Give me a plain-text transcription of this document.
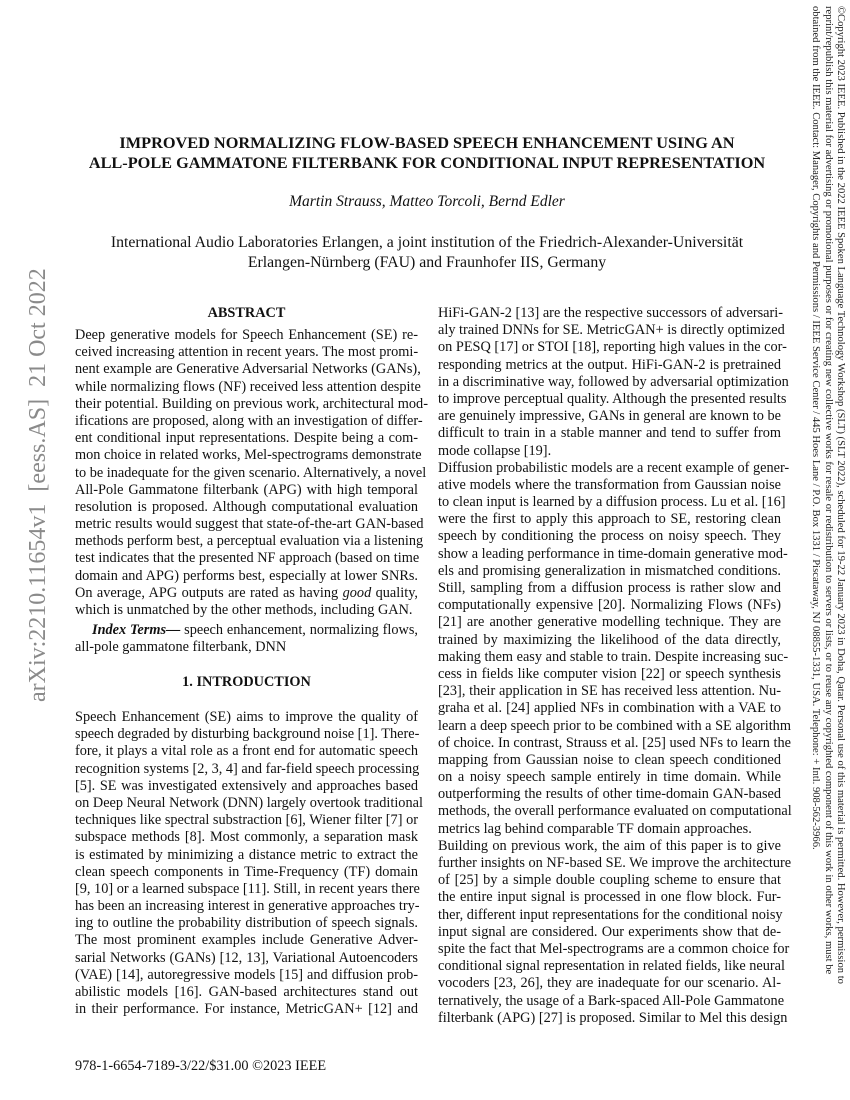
arXiv:2210.11654v1  [eess.AS]  21 Oct 2022	©Copyright 2023 IEEE. Published in the 2022 IEEE Spoken Language Technology Workshop (SLT) (SLT 2022), scheduled for 19-22 January 2023 in Doha, Qatar. Personal use of this material is permitted. However, permission to
reprint/republish this material for advertising or promotional purposes or for creating new collective works for resale or redistribution to servers or lists, or to reuse any copyrighted component of this work in other works, must be
obtained from the IEEE. Contact: Manager, Copyrights and Permissions / IEEE Service Center / 445 Hoes Lane / P.O. Box 1331 / Piscataway, NJ 08855-1331, USA. Telephone: + Intl. 908-562-3966.
IMPROVED NORMALIZING FLOW-BASED SPEECH ENHANCEMENT USING AN
ALL-POLE GAMMATONE FILTERBANK FOR CONDITIONAL INPUT REPRESENTATION
Martin Strauss, Matteo Torcoli, Bernd Edler
International Audio Laboratories Erlangen, a joint institution of the Friedrich-Alexander-Universität
Erlangen-Nürnberg (FAU) and Fraunhofer IIS, Germany
ABSTRACT
Deep generative models for Speech Enhancement (SE) re-
ceived increasing attention in recent years. The most promi-
nent example are Generative Adversarial Networks (GANs),
while normalizing flows (NF) received less attention despite
their potential. Building on previous work, architectural mod-
ifications are proposed, along with an investigation of differ-
ent conditional input representations. Despite being a com-
mon choice in related works, Mel-spectrograms demonstrate
to be inadequate for the given scenario. Alternatively, a novel
All-Pole Gammatone filterbank (APG) with high temporal
resolution is proposed. Although computational evaluation
metric results would suggest that state-of-the-art GAN-based
methods perform best, a perceptual evaluation via a listening
test indicates that the presented NF approach (based on time
domain and APG) performs best, especially at lower SNRs.
On average, APG outputs are rated as having good quality,
which is unmatched by the other methods, including GAN.
Index Terms— speech enhancement, normalizing flows,
all-pole gammatone filterbank, DNN
1. INTRODUCTION
Speech Enhancement (SE) aims to improve the quality of
speech degraded by disturbing background noise [1]. There-
fore, it plays a vital role as a front end for automatic speech
recognition systems [2, 3, 4] and far-field speech processing
[5]. SE was investigated extensively and approaches based
on Deep Neural Network (DNN) largely overtook traditional
techniques like spectral substraction [6], Wiener filter [7] or
subspace methods [8]. Most commonly, a separation mask
is estimated by minimizing a distance metric to extract the
clean speech components in Time-Frequency (TF) domain
[9, 10] or a learned subspace [11]. Still, in recent years there
has been an increasing interest in generative approaches try-
ing to outline the probability distribution of speech signals.
The most prominent examples include Generative Adver-
sarial Networks (GANs) [12, 13], Variational Autoencoders
(VAE) [14], autoregressive models [15] and diffusion prob-
abilistic models [16]. GAN-based architectures stand out
in their performance. For instance, MetricGAN+ [12] and
HiFi-GAN-2 [13] are the respective successors of adversari-
aly trained DNNs for SE. MetricGAN+ is directly optimized
on PESQ [17] or STOI [18], reporting high values in the cor-
responding metrics at the output. HiFi-GAN-2 is pretrained
in a discriminative way, followed by adversarial optimization
to improve perceptual quality. Although the presented results
are genuinely impressive, GANs in general are known to be
difficult to train in a stable manner and tend to suffer from
mode collapse [19].
Diffusion probabilistic models are a recent example of gener-
ative models where the transformation from Gaussian noise
to clean input is learned by a diffusion process. Lu et al. [16]
were the first to apply this approach to SE, restoring clean
speech by conditioning the process on noisy speech. They
show a leading performance in time-domain generative mod-
els and promising generalization in mismatched conditions.
Still, sampling from a diffusion process is rather slow and
computationally expensive [20]. Normalizing Flows (NFs)
[21] are another generative modelling technique. They are
trained by maximizing the likelihood of the data directly,
making them easy and stable to train. Despite increasing suc-
cess in fields like computer vision [22] or speech synthesis
[23], their application in SE has received less attention. Nu-
graha et al. [24] applied NFs in combination with a VAE to
learn a deep speech prior to be combined with a SE algorithm
of choice. In contrast, Strauss et al. [25] used NFs to learn the
mapping from Gaussian noise to clean speech conditioned
on a noisy speech sample entirely in time domain. While
outperforming the results of other time-domain GAN-based
methods, the overall performance evaluated on computational
metrics lag behind comparable TF domain approaches.
Building on previous work, the aim of this paper is to give
further insights on NF-based SE. We improve the architecture
of [25] by a simple double coupling scheme to ensure that
the entire input signal is processed in one flow block. Fur-
ther, different input representations for the conditional noisy
input signal are considered. Our experiments show that de-
spite the fact that Mel-spectrograms are a common choice for
conditional signal representation in related fields, like neural
vocoders [23, 26], they are inadequate for our scenario. Al-
ternatively, the usage of a Bark-spaced All-Pole Gammatone
filterbank (APG) [27] is proposed. Similar to Mel this design
978-1-6654-7189-3/22/$31.00 ©2023 IEEE
